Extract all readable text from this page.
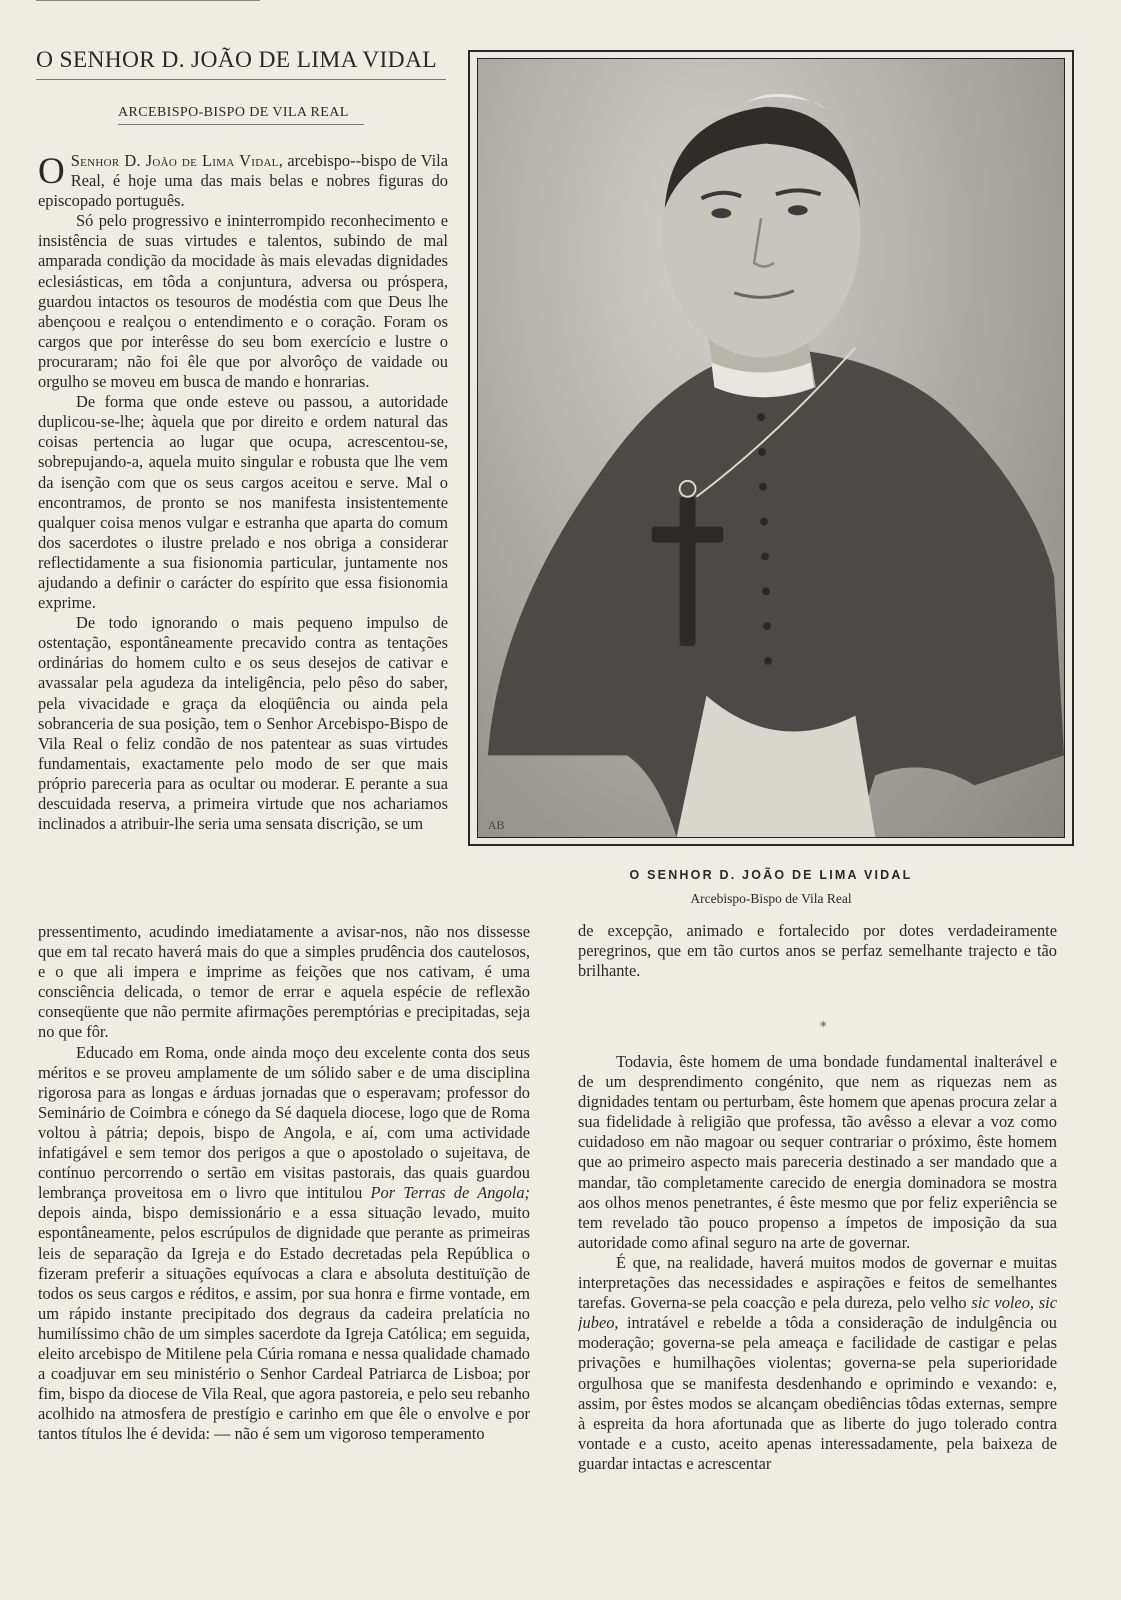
O SENHOR D. JOÃO DE LIMA VIDAL
ARCEBISPO-BISPO DE VILA REAL

O Senhor D. João de Lima Vidal, arcebispo--bispo de Vila Real, é hoje uma das mais belas e nobres figuras do episcopado português.

Só pelo progressivo e ininterrompido reconhecimento e insistência de suas virtudes e talentos, subindo de mal amparada condição da mocidade às mais elevadas dignidades eclesiásticas, em tôda a conjuntura, adversa ou próspera, guardou intactos os tesouros de modéstia com que Deus lhe abençoou e realçou o entendimento e o coração. Foram os cargos que por interêsse do seu bom exercício e lustre o procuraram; não foi êle que por alvorôço de vaidade ou orgulho se moveu em busca de mando e honrarias.

De forma que onde esteve ou passou, a autoridade duplicou-se-lhe; àquela que por direito e ordem natural das coisas pertencia ao lugar que ocupa, acrescentou-se, sobrepujando-a, aquela muito singular e robusta que lhe vem da isenção com que os seus cargos aceitou e serve. Mal o encontramos, de pronto se nos manifesta insistentemente qualquer coisa menos vulgar e estranha que aparta do comum dos sacerdotes o ilustre prelado e nos obriga a considerar reflectidamente a sua fisionomia particular, juntamente nos ajudando a definir o carácter do espírito que essa fisionomia exprime.

De todo ignorando o mais pequeno impulso de ostentação, espontâneamente precavido contra as tentações ordinárias do homem culto e os seus desejos de cativar e avassalar pela agudeza da inteligência, pelo pêso do saber, pela vivacidade e graça da eloqüência ou ainda pela sobranceria de sua posição, tem o Senhor Arcebispo-Bispo de Vila Real o feliz condão de nos patentear as suas virtudes fundamentais, exactamente pelo modo de ser que mais próprio pareceria para as ocultar ou moderar. E perante a sua descuidada reserva, a primeira virtude que nos achariamos inclinados a atribuir-lhe seria uma sensata discrição, se um	AB
O SENHOR D. JOÃO DE LIMA VIDAL
Arcebispo-Bispo de Vila Real

pressentimento, acudindo imediatamente a avisar-nos, não nos dissesse que em tal recato haverá mais do que a simples prudência dos cautelosos, e o que ali impera e imprime as feições que nos cativam, é uma consciência delicada, o temor de errar e aquela espécie de reflexão conseqüente que não permite afirmações peremptórias e precipitadas, seja no que fôr.

Educado em Roma, onde ainda moço deu excelente conta dos seus méritos e se proveu amplamente de um sólido saber e de uma disciplina rigorosa para as longas e árduas jornadas que o esperavam; professor do Seminário de Coimbra e cónego da Sé daquela diocese, logo que de Roma voltou à pátria; depois, bispo de Angola, e aí, com uma actividade infatigável e sem temor dos perigos a que o apostolado o sujeitava, de contínuo percorrendo o sertão em visitas pastorais, das quais guardou lembrança proveitosa em o livro que intitulou Por Terras de Angola; depois ainda, bispo demissionário e a essa situação levado, muito espontâneamente, pelos escrúpulos de dignidade que perante as primeiras leis de separação da Igreja e do Estado decretadas pela República o fizeram preferir a situações equívocas a clara e absoluta destituïção de todos os seus cargos e réditos, e assim, por sua honra e firme vontade, em um rápido instante precipitado dos degraus da cadeira prelatícia no humilíssimo chão de um simples sacerdote da Igreja Católica; em seguida, eleito arcebispo de Mitilene pela Cúria romana e nessa qualidade chamado a coadjuvar em seu ministério o Senhor Cardeal Patriarca de Lisboa; por fim, bispo da diocese de Vila Real, que agora pastoreia, e pelo seu rebanho acolhido na atmosfera de prestígio e carinho em que êle o envolve e por tantos títulos lhe é devida: — não é sem um vigoroso temperamento

de excepção, animado e fortalecido por dotes verdadeiramente peregrinos, que em tão curtos anos se perfaz semelhante trajecto e tão brilhante.

*

Todavia, êste homem de uma bondade fundamental inalterável e de um desprendimento congénito, que nem as riquezas nem as dignidades tentam ou perturbam, êste homem que apenas procura zelar a sua fidelidade à religião que professa, tão avêsso a elevar a voz como cuidadoso em não magoar ou sequer contrariar o próximo, êste homem que ao primeiro aspecto mais pareceria destinado a ser mandado que a mandar, tão completamente carecido de energia dominadora se mostra aos olhos menos penetrantes, é êste mesmo que por feliz experiência se tem revelado tão pouco propenso a ímpetos de imposição da sua autoridade como afinal seguro na arte de governar.

É que, na realidade, haverá muitos modos de governar e muitas interpretações das necessidades e aspirações e feitos de semelhantes tarefas. Governa-se pela coacção e pela dureza, pelo velho sic voleo, sic jubeo, intratável e rebelde a tôda a consideração de indulgência ou moderação; governa-se pela ameaça e facilidade de castigar e pelas privações e humilhações violentas; governa-se pela superioridade orgulhosa que se manifesta desdenhando e oprimindo e vexando: e, assim, por êstes modos se alcançam obediências tôdas externas, sempre à espreita da hora afortunada que as liberte do jugo tolerado contra vontade e a custo, aceito apenas interessadamente, pela baixeza de guardar intactas e acrescentar
